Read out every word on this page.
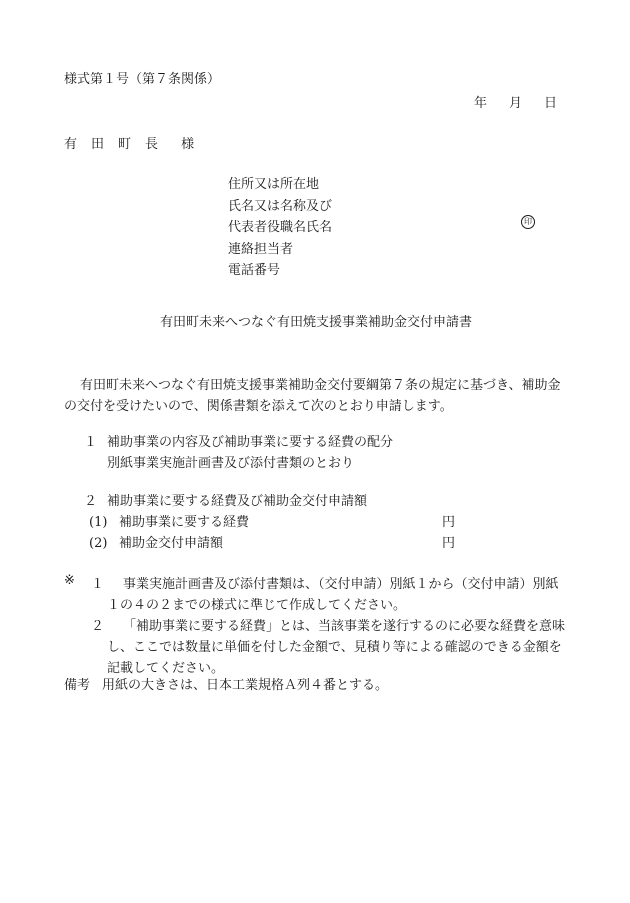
様式第１号（第７条関係）
年 月 日
有 田 町 長 様
住所又は所在地
氏名又は名称及び
代表者役職名氏名
連絡担当者
電話番号
印
有田町未来へつなぐ有田焼支援事業補助金交付申請書
有田町未来へつなぐ有田焼支援事業補助金交付要綱第７条の規定に基づき、補助金の交付を受けたいので、関係書類を添えて次のとおり申請します。
１ 補助事業の内容及び補助事業に要する経費の配分
別紙事業実施計画書及び添付書類のとおり
２ 補助事業に要する経費及び補助金交付申請額
(1) 補助事業に要する経費	円
(2) 補助金交付申請額	円
※ １	事業実施計画書及び添付書類は、（交付申請）別紙１から（交付申請）別紙１の４の２までの様式に準じて作成してください。
２	「補助事業に要する経費」とは、当該事業を遂行するのに必要な経費を意味し、ここでは数量に単価を付した金額で、見積り等による確認のできる金額を記載してください。
備考 用紙の大きさは、日本工業規格Ａ列４番とする。
